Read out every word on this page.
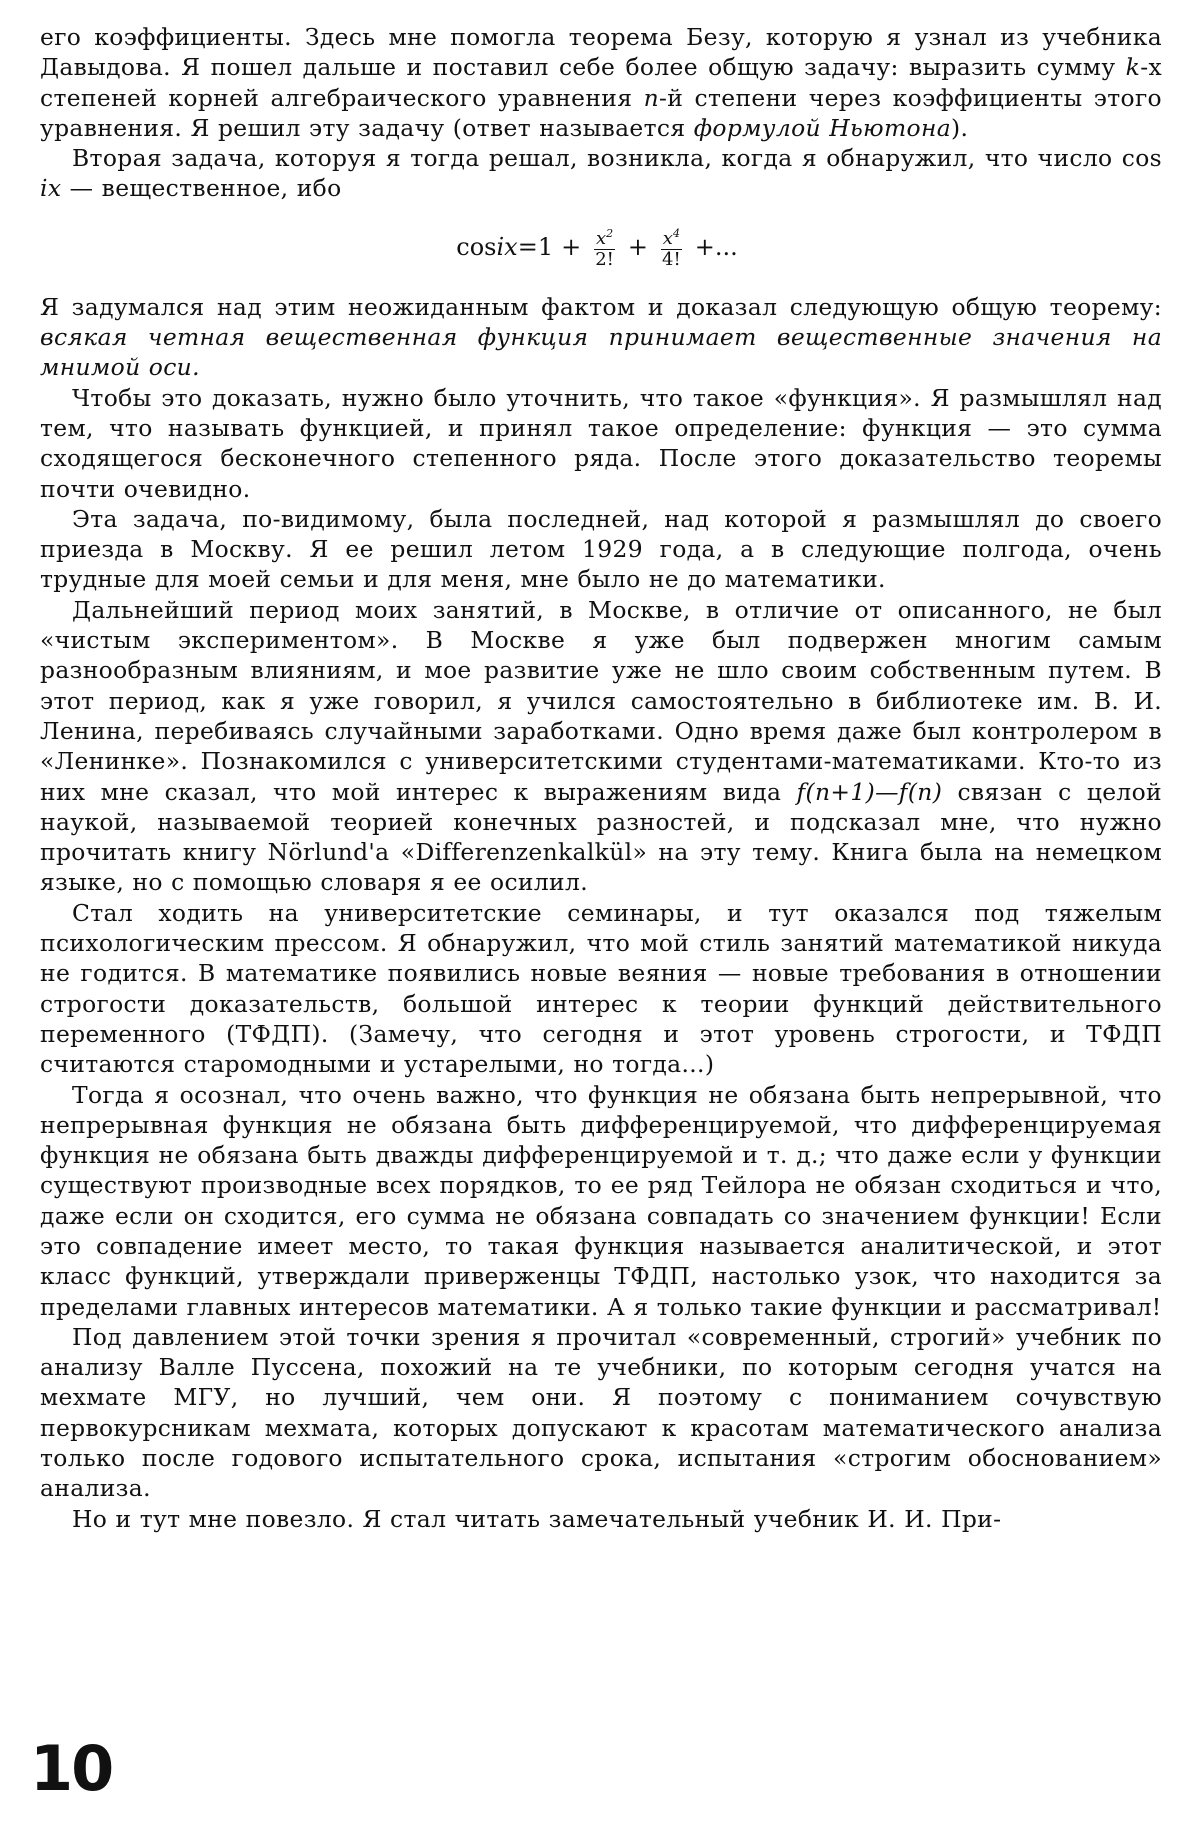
его коэффициенты. Здесь мне помогла теорема Безу, которую я узнал из учебника Давыдова. Я пошел дальше и поставил себе более общую задачу: выразить сумму k-х степеней корней алгебраического уравнения n-й степени через коэффициенты этого уравнения. Я решил эту задачу (ответ называется формулой Ньютона).

Вторая задача, которуя я тогда решал, возникла, когда я обнаружил, что число cos ix — вещественное, ибо

cos ix $=1 + \frac{x^2}{2!} + \frac{x^4}{4!}$ +...

Я задумался над этим неожиданным фактом и доказал следующую общую теорему: всякая четная вещественная функция принимает вещественные значения на мнимой оси.

Чтобы это доказать, нужно было уточнить, что такое «функция». Я размышлял над тем, что называть функцией, и принял такое определение: функция — это сумма сходящегося бесконечного степенного ряда. После этого доказательство теоремы почти очевидно.

Эта задача, по-видимому, была последней, над которой я размышлял до своего приезда в Москву. Я ее решил летом 1929 года, а в следующие полгода, очень трудные для моей семьи и для меня, мне было не до математики.

Дальнейший период моих занятий, в Москве, в отличие от описанного, не был «чистым экспериментом». В Москве я уже был подвержен многим самым разнообразным влияниям, и мое развитие уже не шло своим собственным путем. В этот период, как я уже говорил, я учился самостоятельно в библиотеке им. В. И. Ленина, перебиваясь случайными заработками. Одно время даже был контролером в «Ленинке». Познакомился с университетскими студентами-математиками. Кто-то из них мне сказал, что мой интерес к выражениям вида f(n+1)—f(n) связан с целой наукой, называемой теорией конечных разностей, и подсказал мне, что нужно прочитать книгу Nörlund'a «Differenzenkalkül» на эту тему. Книга была на немецком языке, но с помощью словаря я ее осилил.

Стал ходить на университетские семинары, и тут оказался под тяжелым психологическим прессом. Я обнаружил, что мой стиль занятий математикой никуда не годится. В математике появились новые веяния — новые требования в отношении строгости доказательств, большой интерес к теории функций действительного переменного (ТФДП). (Замечу, что сегодня и этот уровень строгости, и ТФДП считаются старомодными и устарелыми, но тогда...)

Тогда я осознал, что очень важно, что функция не обязана быть непрерывной, что непрерывная функция не обязана быть дифференцируемой, что дифференцируемая функция не обязана быть дважды дифференцируемой и т. д.; что даже если у функции существуют производные всех порядков, то ее ряд Тейлора не обязан сходиться и что, даже если он сходится, его сумма не обязана совпадать со значением функции! Если это совпадение имеет место, то такая функция называется аналитической, и этот класс функций, утверждали приверженцы ТФДП, настолько узок, что находится за пределами главных интересов математики. А я только такие функции и рассматривал!

Под давлением этой точки зрения я прочитал «современный, строгий» учебник по анализу Валле Пуссена, похожий на те учебники, по которым сегодня учатся на мехмате МГУ, но лучший, чем они. Я поэтому с пониманием сочувствую первокурсникам мехмата, которых допускают к красотам математического анализа только после годового испытательного срока, испытания «строгим обоснованием» анализа.

Но и тут мне повезло. Я стал читать замечательный учебник И. И. При-

10
